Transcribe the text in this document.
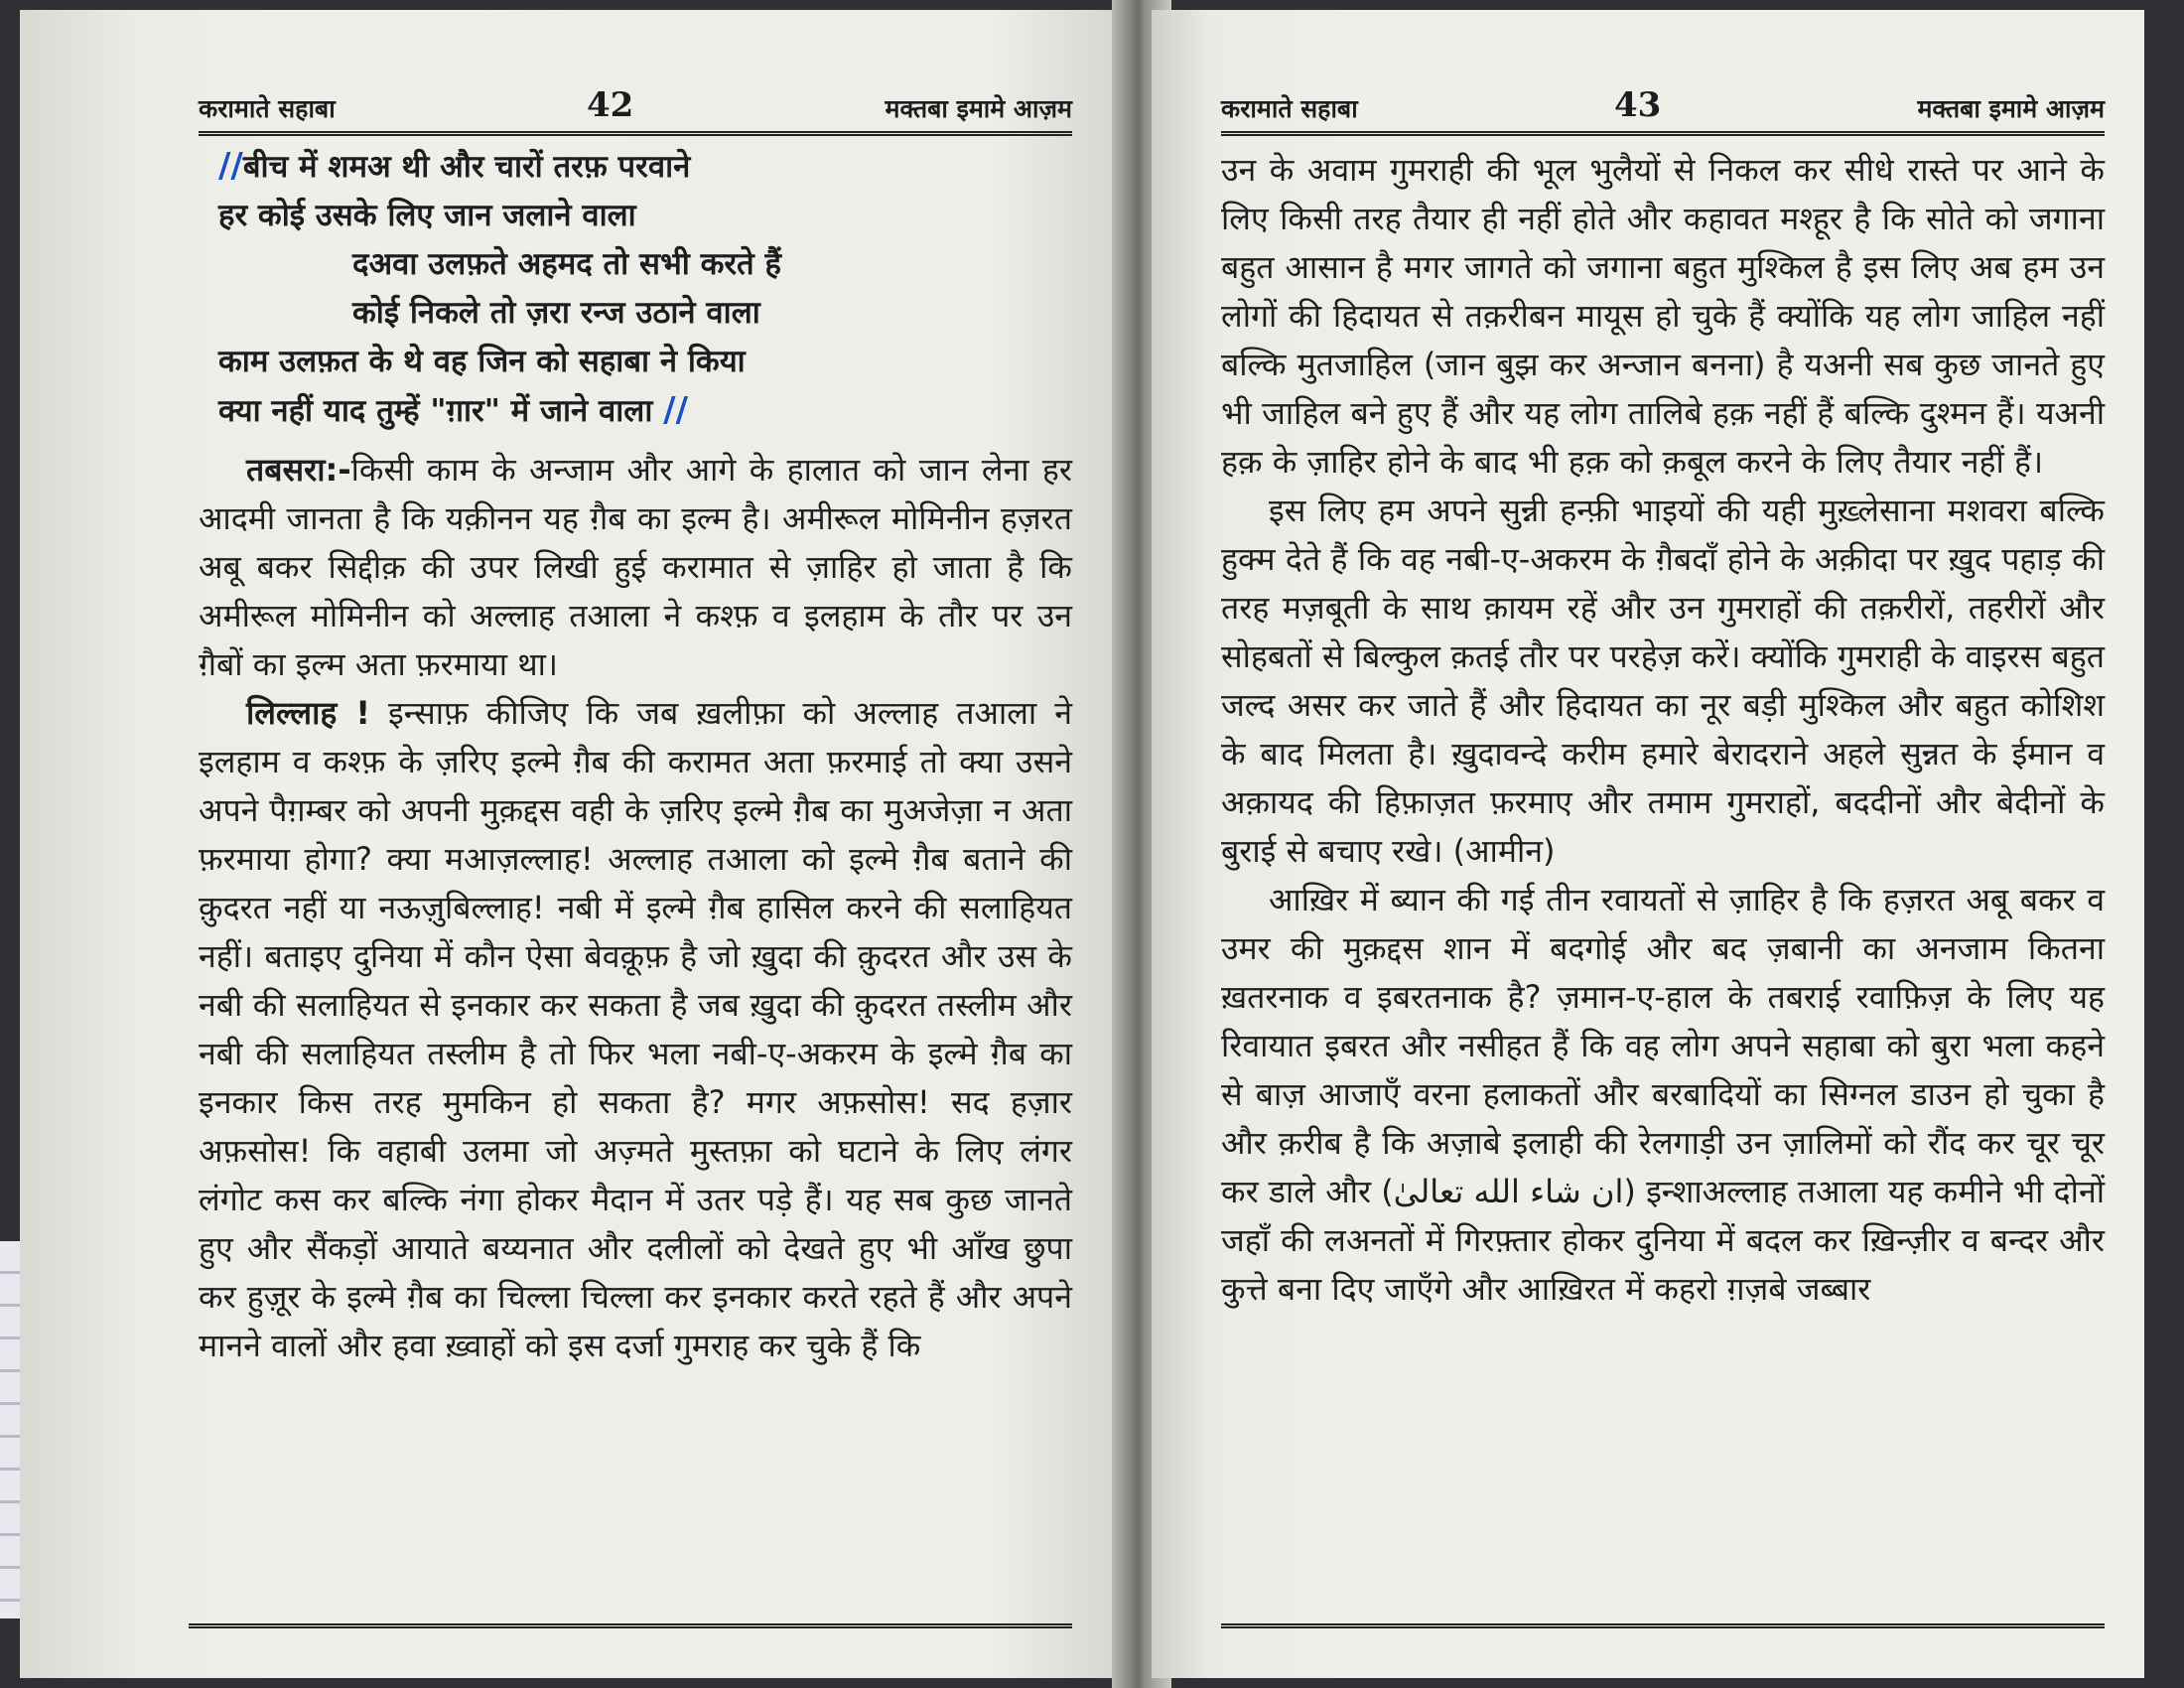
करामाते सहाबा	42	मक्तबा इमामे आज़म
//बीच में शमअ थी और चारों तरफ़ परवाने
हर कोई उसके लिए जान जलाने वाला
दअवा उलफ़ते अहमद तो सभी करते हैं
कोई निकले तो ज़रा रन्ज उठाने वाला
काम उलफ़त के थे वह जिन को सहाबा ने किया
क्या नहीं याद तुम्हें "ग़ार" में जाने वाला //

तबसरा:-किसी काम के अन्जाम और आगे के हालात को जान लेना हर आदमी जानता है कि यक़ीनन यह ग़ैब का इल्म है। अमीरूल मोमिनीन हज़रत अबू बकर सिद्दीक़ की उपर लिखी हुई करामात से ज़ाहिर हो जाता है कि अमीरूल मोमिनीन को अल्लाह तआला ने कश्फ़ व इलहाम के तौर पर उन ग़ैबों का इल्म अता फ़रमाया था।

लिल्लाह ! इन्साफ़ कीजिए कि जब ख़लीफ़ा को अल्लाह तआला ने इलहाम व कश्फ़ के ज़रिए इल्मे ग़ैब की करामत अता फ़रमाई तो क्या उसने अपने पैग़म्बर को अपनी मुक़द्दस वही के ज़रिए इल्मे ग़ैब का मुअजेज़ा न अता फ़रमाया होगा? क्या मआज़ल्लाह! अल्लाह तआला को इल्मे ग़ैब बताने की क़ुदरत नहीं या नऊज़ुबिल्लाह! नबी में इल्मे ग़ैब हासिल करने की सलाहियत नहीं। बताइए दुनिया में कौन ऐसा बेवक़ूफ़ है जो ख़ुदा की क़ुदरत और उस के नबी की सलाहियत से इनकार कर सकता है जब ख़ुदा की क़ुदरत तस्लीम और नबी की सलाहियत तस्लीम है तो फिर भला नबी-ए-अकरम के इल्मे ग़ैब का इनकार किस तरह मुमकिन हो सकता है? मगर अफ़सोस! सद हज़ार अफ़सोस! कि वहाबी उलमा जो अज़्मते मुस्तफ़ा को घटाने के लिए लंगर लंगोट कस कर बल्कि नंगा होकर मैदान में उतर पड़े हैं। यह सब कुछ जानते हुए और सैंकड़ों आयाते बय्यनात और दलीलों को देखते हुए भी आँख छुपा कर हुज़ूर के इल्मे ग़ैब का चिल्ला चिल्ला कर इनकार करते रहते हैं और अपने मानने वालों और हवा ख़्वाहों को इस दर्जा गुमराह कर चुके हैं कि

करामाते सहाबा	43	मक्तबा इमामे आज़म

उन के अवाम गुमराही की भूल भुलैयों से निकल कर सीधे रास्ते पर आने के लिए किसी तरह तैयार ही नहीं होते और कहावत मश्हूर है कि सोते को जगाना बहुत आसान है मगर जागते को जगाना बहुत मुश्किल है इस लिए अब हम उन लोगों की हिदायत से तक़रीबन मायूस हो चुके हैं क्योंकि यह लोग जाहिल नहीं बल्कि मुतजाहिल (जान बुझ कर अन्जान बनना) है यअनी सब कुछ जानते हुए भी जाहिल बने हुए हैं और यह लोग तालिबे हक़ नहीं हैं बल्कि दुश्मन हैं। यअनी हक़ के ज़ाहिर होने के बाद भी हक़ को क़बूल करने के लिए तैयार नहीं हैं।

इस लिए हम अपने सुन्नी हन्फ़ी भाइयों की यही मुख़्लेसाना मशवरा बल्कि हुक्म देते हैं कि वह नबी-ए-अकरम के ग़ैबदाँ होने के अक़ीदा पर ख़ुद पहाड़ की तरह मज़बूती के साथ क़ायम रहें और उन गुमराहों की तक़रीरों, तहरीरों और सोहबतों से बिल्कुल क़तई तौर पर परहेज़ करें। क्योंकि गुमराही के वाइरस बहुत जल्द असर कर जाते हैं और हिदायत का नूर बड़ी मुश्किल और बहुत कोशिश के बाद मिलता है। ख़ुदावन्दे करीम हमारे बेरादराने अहले सुन्नत के ईमान व अक़ायद की हिफ़ाज़त फ़रमाए और तमाम गुमराहों, बददीनों और बेदीनों के बुराई से बचाए रखे। (आमीन)

आख़िर में ब्यान की गई तीन रवायतों से ज़ाहिर है कि हज़रत अबू बकर व उमर की मुक़द्दस शान में बदगोई और बद ज़बानी का अनजाम कितना ख़तरनाक व इबरतनाक है? ज़मान-ए-हाल के तबराई रवाफ़िज़ के लिए यह रिवायात इबरत और नसीहत हैं कि वह लोग अपने सहाबा को बुरा भला कहने से बाज़ आजाएँ वरना हलाकतों और बरबादियों का सिग्नल डाउन हो चुका है और क़रीब है कि अज़ाबे इलाही की रेलगाड़ी उन ज़ालिमों को रौंद कर चूर चूर कर डाले और (ان شاء الله تعالیٰ) इन्शाअल्लाह तआला यह कमीने भी दोनों जहाँ की लअनतों में गिरफ़्तार होकर दुनिया में बदल कर ख़िन्ज़ीर व बन्दर और कुत्ते बना दिए जाएँगे और आख़िरत में कहरो ग़ज़बे जब्बार
